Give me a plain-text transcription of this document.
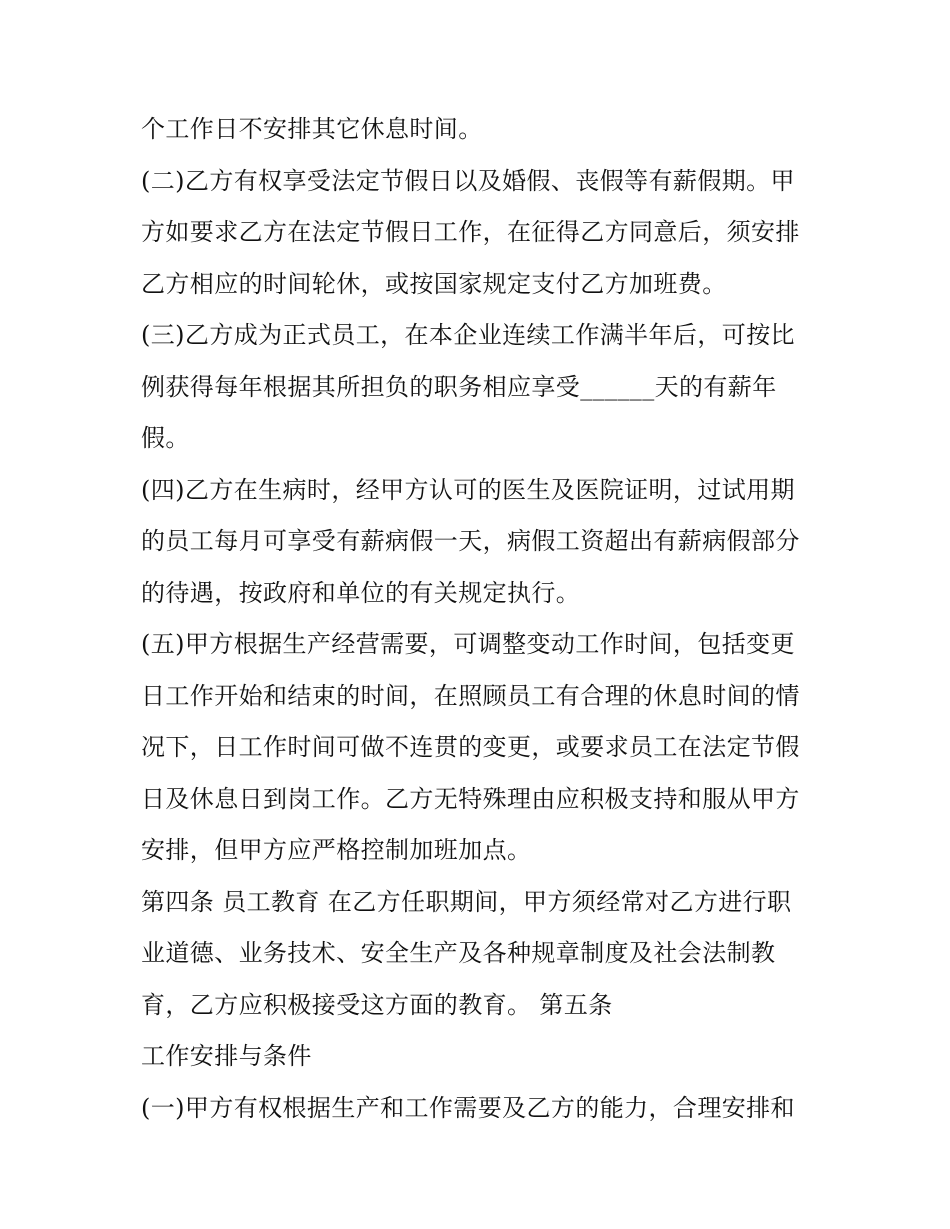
个工作日不安排其它休息时间。
(二)乙方有权享受法定节假日以及婚假、丧假等有薪假期。甲
方如要求乙方在法定节假日工作，在征得乙方同意后，须安排
乙方相应的时间轮休，或按国家规定支付乙方加班费。
(三)乙方成为正式员工，在本企业连续工作满半年后，可按比
例获得每年根据其所担负的职务相应享受______天的有薪年
假。
(四)乙方在生病时，经甲方认可的医生及医院证明，过试用期
的员工每月可享受有薪病假一天，病假工资超出有薪病假部分
的待遇，按政府和单位的有关规定执行。
(五)甲方根据生产经营需要，可调整变动工作时间，包括变更
日工作开始和结束的时间，在照顾员工有合理的休息时间的情
况下，日工作时间可做不连贯的变更，或要求员工在法定节假
日及休息日到岗工作。乙方无特殊理由应积极支持和服从甲方
安排，但甲方应严格控制加班加点。
第四条 员工教育 在乙方任职期间，甲方须经常对乙方进行职
业道德、业务技术、安全生产及各种规章制度及社会法制教
育，乙方应积极接受这方面的教育。 第五条
工作安排与条件
(一)甲方有权根据生产和工作需要及乙方的能力，合理安排和
